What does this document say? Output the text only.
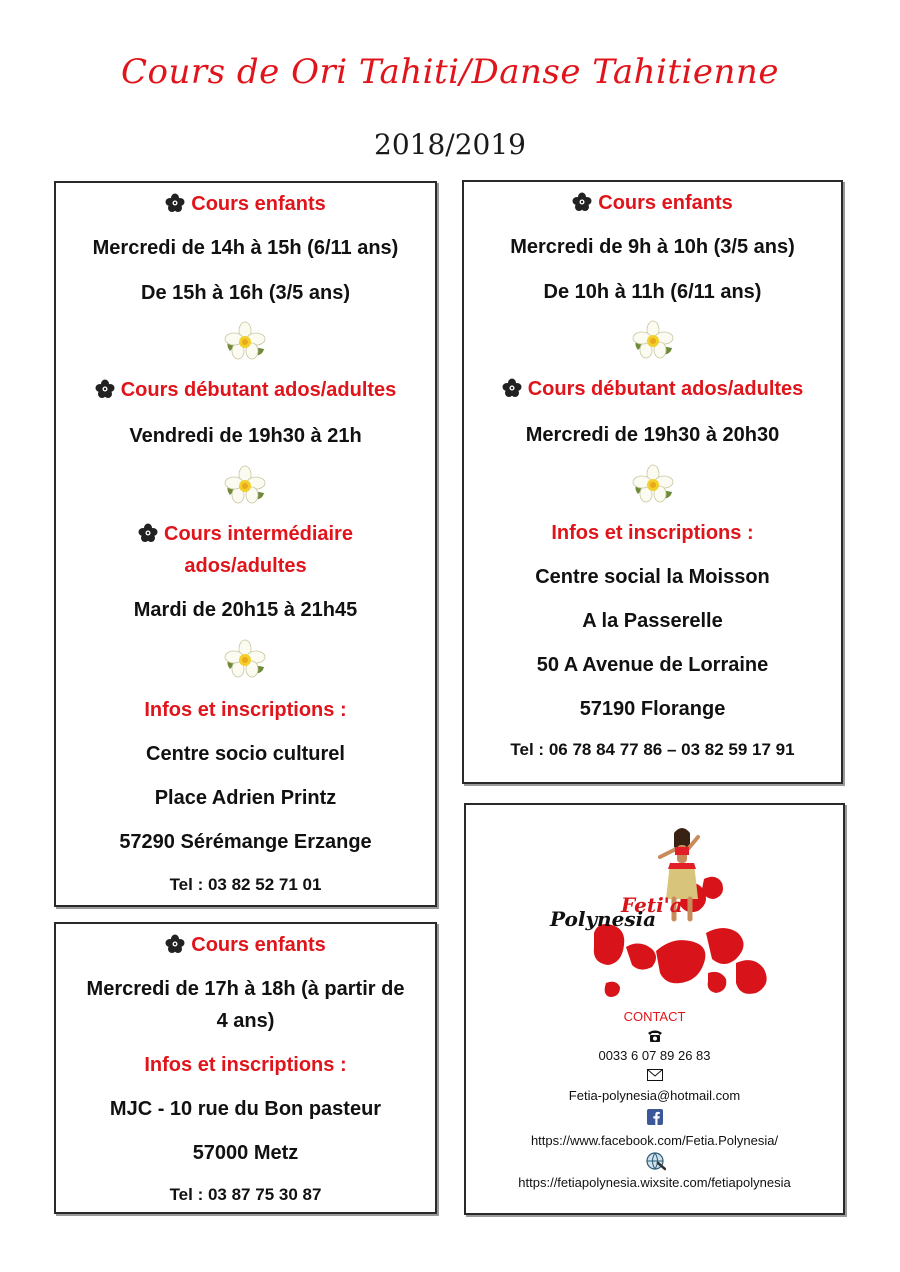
Cours de Ori Tahiti/Danse Tahitienne
2018/2019
Cours enfants
Mercredi de 14h à 15h (6/11 ans)
De 15h à 16h (3/5 ans)
Cours débutant ados/adultes
Vendredi de 19h30 à 21h
Cours intermédiaire
ados/adultes
Mardi de 20h15 à 21h45
Infos et inscriptions :
Centre socio culturel
Place Adrien Printz
57290 Sérémange Erzange
Tel : 03 82 52 71 01
Cours enfants
Mercredi de 9h à 10h (3/5 ans)
De 10h à 11h (6/11 ans)
Cours débutant ados/adultes
Mercredi de 19h30 à 20h30
Infos et inscriptions :
Centre social la Moisson
A la Passerelle
50 A Avenue de Lorraine
57190 Florange
Tel : 06 78 84 77 86 – 03 82 59 17 91
Cours enfants
Mercredi de 17h à 18h (à partir de
4 ans)
Infos et inscriptions :
MJC - 10 rue du Bon pasteur
57000 Metz
Tel : 03 87 75 30 87
Feti'a
Polynesia
CONTACT
0033 6 07 89 26 83
Fetia-polynesia@hotmail.com
https://www.facebook.com/Fetia.Polynesia/
https://fetiapolynesia.wixsite.com/fetiapolynesia
